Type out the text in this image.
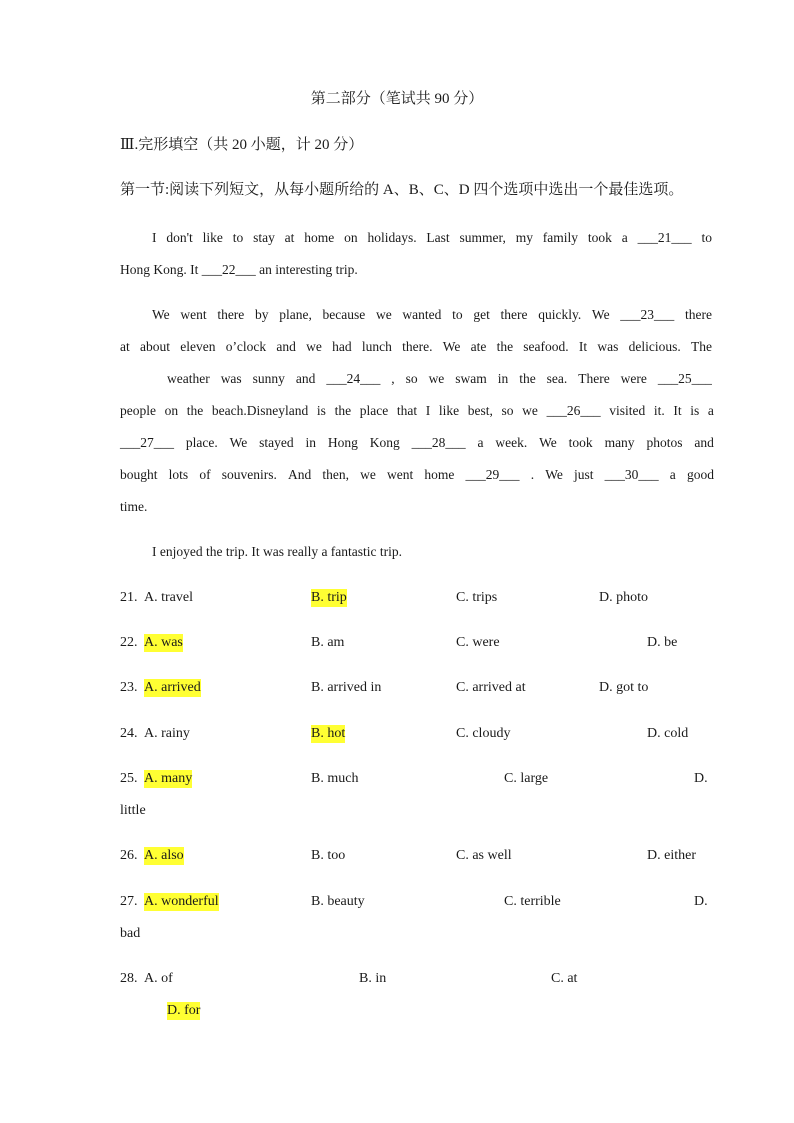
第二部分（笔试共 90 分）
Ⅲ.完形填空（共 20 小题，计 20 分）
第一节:阅读下列短文，从每小题所给的 A、B、C、D 四个选项中选出一个最佳选项。
I don't like to stay at home on holidays. Last summer, my family took a ___21___ to
Hong Kong. It ___22___ an interesting trip.
We went there by plane, because we wanted to get there quickly. We ___23___ there
at about eleven o’clock and we had lunch there. We ate the seafood. It was delicious. The
weather was sunny and ___24___ , so we swam in the sea. There were ___25___
people on the beach.Disneyland is the place that I like best, so we ___26___ visited it. It is a
___27___ place. We stayed in Hong Kong ___28___ a week. We took many photos and
bought lots of souvenirs. And then, we went home ___29___ . We just ___30___ a good
time.
I enjoyed the trip. It was really a fantastic trip.
21. A. travel	B. trip	C. trips	D. photo
22. A. was	B. am	C. were	D. be
23. A. arrived	B. arrived in	C. arrived at	D. got to
24. A. rainy	B. hot	C. cloudy	D. cold
25. A. many	B. much	C. large	D.
little
26. A. also	B. too	C. as well	D. either
27. A. wonderful	B. beauty	C. terrible	D.
bad
28. A. of	B. in	C. at
D. for
